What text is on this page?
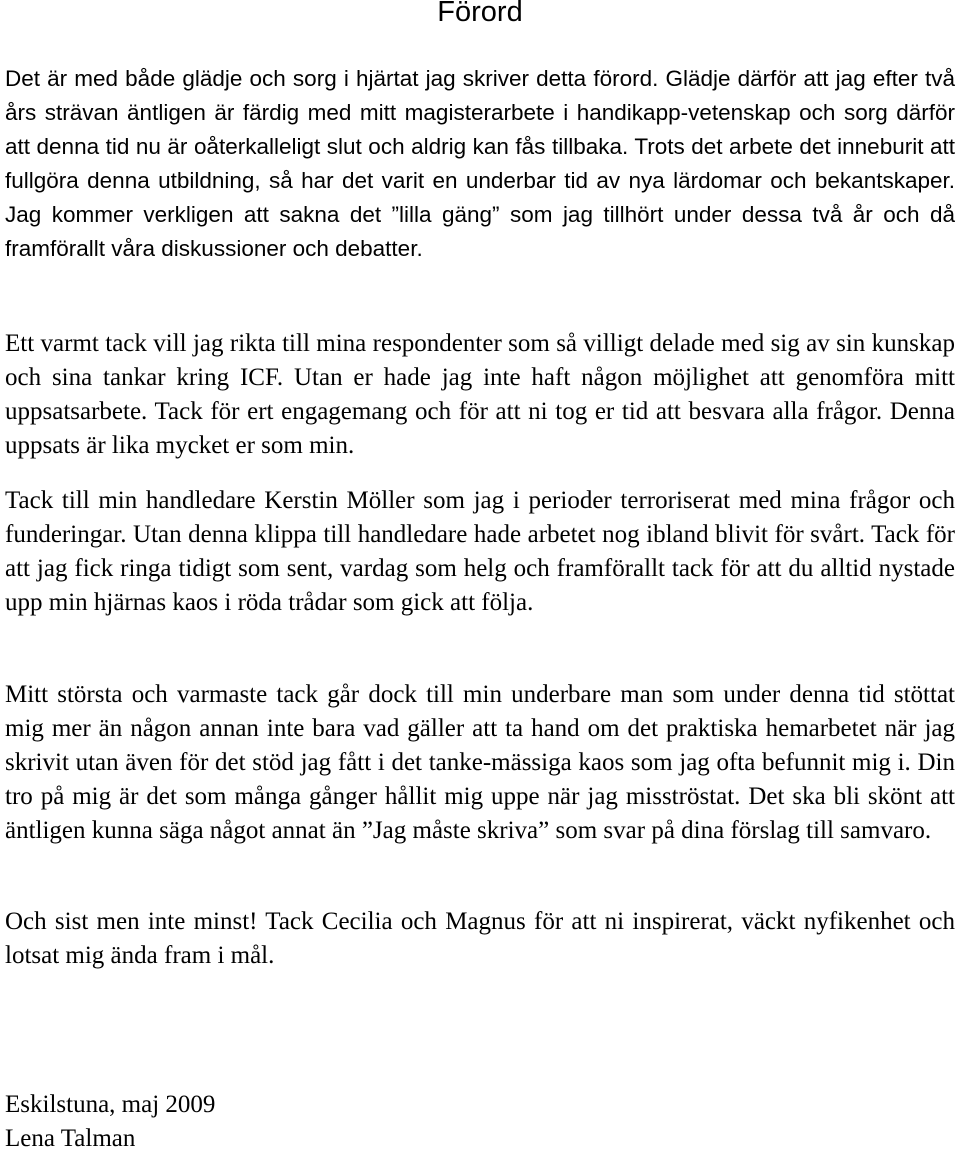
Förord

Det är med både glädje och sorg i hjärtat jag skriver detta förord. Glädje därför att jag efter två års strävan äntligen är färdig med mitt magisterarbete i handikapp-vetenskap och sorg därför att denna tid nu är oåterkalleligt slut och aldrig kan fås tillbaka. Trots det arbete det inneburit att fullgöra denna utbildning, så har det varit en underbar tid av nya lärdomar och bekantskaper. Jag kommer verkligen att sakna det ”lilla gäng” som jag tillhört under dessa två år och då framförallt våra diskussioner och debatter.

Ett varmt tack vill jag rikta till mina respondenter som så villigt delade med sig av sin kunskap och sina tankar kring ICF. Utan er hade jag inte haft någon möjlighet att genomföra mitt uppsatsarbete. Tack för ert engagemang och för att ni tog er tid att besvara alla frågor. Denna uppsats är lika mycket er som min.

Tack till min handledare Kerstin Möller som jag i perioder terroriserat med mina frågor och funderingar. Utan denna klippa till handledare hade arbetet nog ibland blivit för svårt. Tack för att jag fick ringa tidigt som sent, vardag som helg och framförallt tack för att du alltid nystade upp min hjärnas kaos i röda trådar som gick att följa.

Mitt största och varmaste tack går dock till min underbare man som under denna tid stöttat mig mer än någon annan inte bara vad gäller att ta hand om det praktiska hemarbetet när jag skrivit utan även för det stöd jag fått i det tanke-mässiga kaos som jag ofta befunnit mig i. Din tro på mig är det som många gånger hållit mig uppe när jag misströstat. Det ska bli skönt att äntligen kunna säga något annat än ”Jag måste skriva” som svar på dina förslag till samvaro.

Och sist men inte minst! Tack Cecilia och Magnus för att ni inspirerat, väckt nyfikenhet och lotsat mig ända fram i mål.

Eskilstuna, maj 2009

Lena Talman
